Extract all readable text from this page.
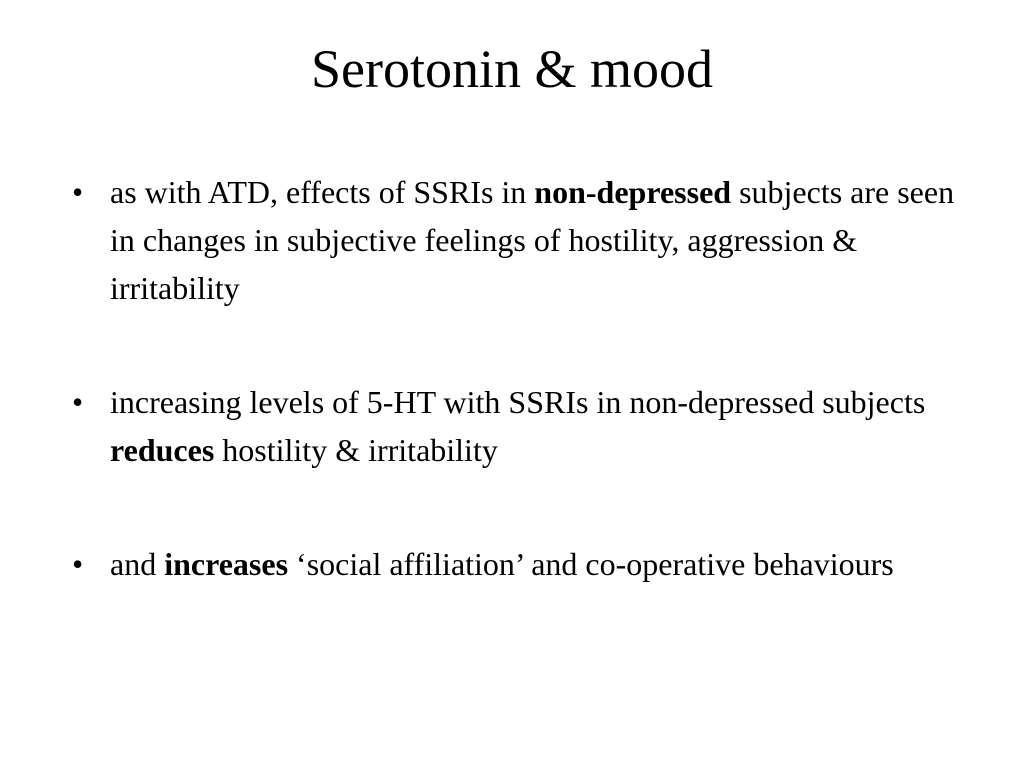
Serotonin & mood
• as with ATD, effects of SSRIs in non-depressed subjects are seen in changes in subjective feelings of hostility, aggression & irritability
• increasing levels of 5-HT with SSRIs in non-depressed subjects reduces hostility & irritability
• and increases ‘social affiliation’ and co-operative behaviours
